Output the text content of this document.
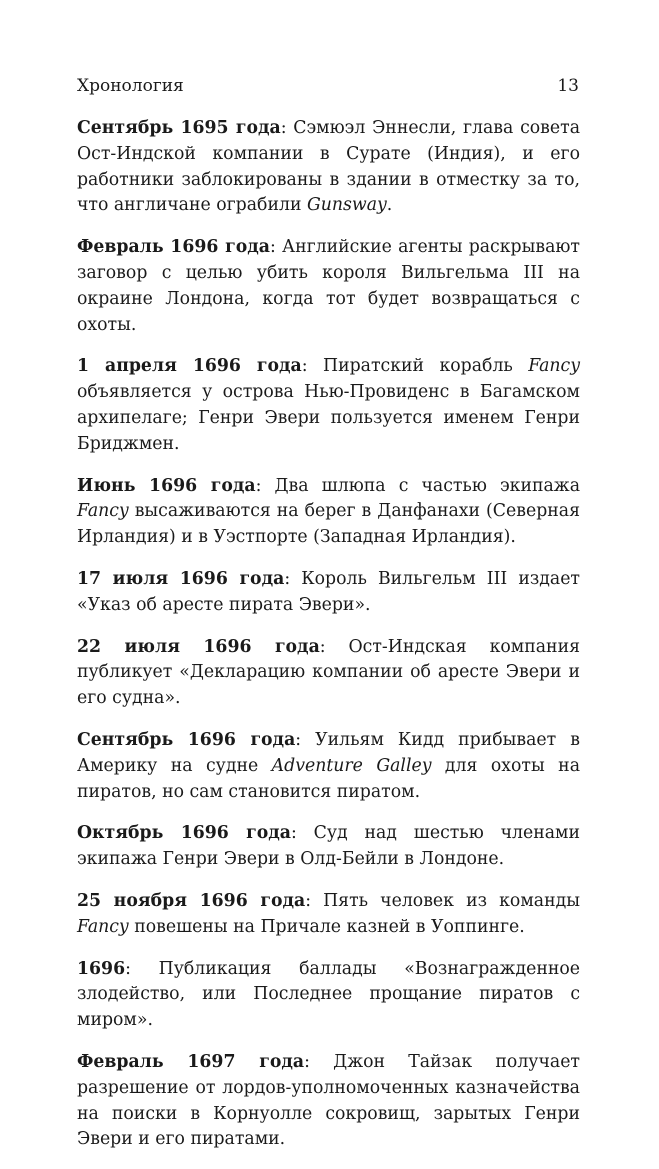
Хронология	13

Сентябрь 1695 года: Сэмюэл Эннесли, глава совета Ост-Индской компании в Сурате (Индия), и его работники заблокированы в здании в отместку за то, что англичане ограбили Gunsway.

Февраль 1696 года: Английские агенты раскрывают заговор с целью убить короля Вильгельма III на окраине Лондона, когда тот будет возвращаться с охоты.

1 апреля 1696 года: Пиратский корабль Fancy объявляется у острова Нью-Провиденс в Багамском архипелаге; Генри Эвери пользуется именем Генри Бриджмен.

Июнь 1696 года: Два шлюпа с частью экипажа Fancy высаживаются на берег в Данфанахи (Северная Ирландия) и в Уэстпорте (Западная Ирландия).

17 июля 1696 года: Король Вильгельм III издает «Указ об аресте пирата Эвери».

22 июля 1696 года: Ост-Индская компания публикует «Декларацию компании об аресте Эвери и его судна».

Сентябрь 1696 года: Уильям Кидд прибывает в Америку на судне Adventure Galley для охоты на пиратов, но сам становится пиратом.

Октябрь 1696 года: Суд над шестью членами экипажа Генри Эвери в Олд-Бейли в Лондоне.

25 ноября 1696 года: Пять человек из команды Fancy повешены на Причале казней в Уоппинге.

1696: Публикация баллады «Вознагражденное злодейство, или Последнее прощание пиратов с миром».

Февраль 1697 года: Джон Тайзак получает разрешение от лордов-уполномоченных казначейства на поиски в Корнуолле сокровищ, зарытых Генри Эвери и его пиратами.
